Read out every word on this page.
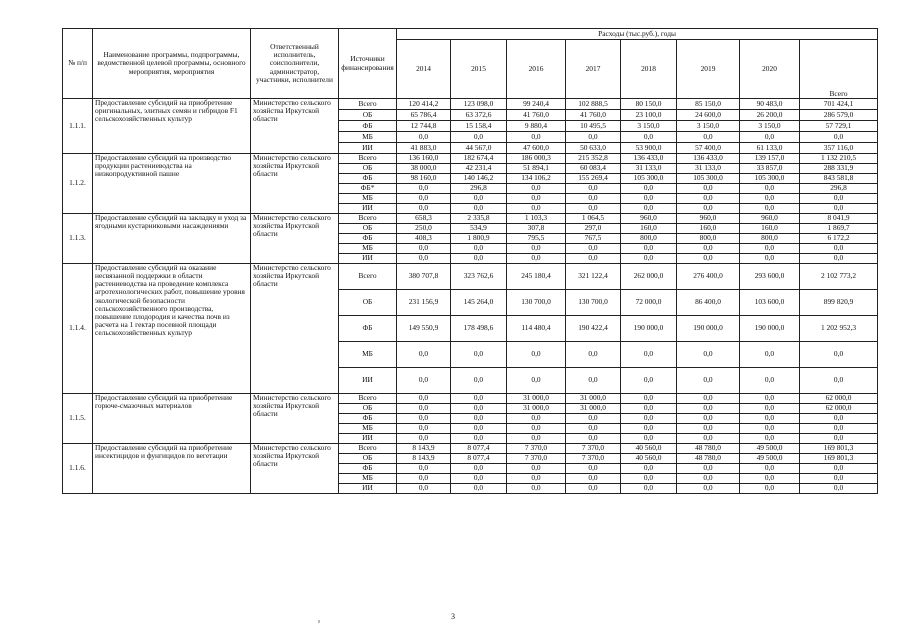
№ п/п	Наименование программы, подпрограммы, ведомственной целевой программы, основного мероприятия, мероприятия	Ответственный исполнитель, соисполнители, администратор, участники, исполнители	Источники финансирования	Расходы (тыс.руб.), годы							
				2014	2015	2016	2017	2018	2019	2020	Всего
1.1.1.	Предоставление субсидий на приобретение оригинальных, элитных семян и гибридов F1 сельскохозяйственных культур	Министерство сельского хозяйства Иркутской области	Всего	120 414,2	123 098,0	99 240,4	102 888,5	80 150,0	85 150,0	90 483,0	701 424,1
			ОБ	65 786,4	63 372,6	41 760,0	41 760,0	23 100,0	24 600,0	26 200,0	286 579,0
			ФБ	12 744,8	15 158,4	9 880,4	10 495,5	3 150,0	3 150,0	3 150,0	57 729,1
			МБ	0,0	0,0	0,0	0,0	0,0	0,0	0,0	0,0
			ИИ	41 883,0	44 567,0	47 600,0	50 633,0	53 900,0	57 400,0	61 133,0	357 116,0
1.1.2.	Предоставление субсидий на производство продукции растениеводства на низкопродуктивной пашне	Министерство сельского хозяйства Иркутской области	Всего	136 160,0	182 674,4	186 000,3	215 352,8	136 433,0	136 433,0	139 157,0	1 132 210,5
			ОБ	38 000,0	42 231,4	51 894,1	60 083,4	31 133,0	31 133,0	33 857,0	288 331,9
			ФБ	98 160,0	140 146,2	134 106,2	155 269,4	105 300,0	105 300,0	105 300,0	843 581,8
			ФБ*	0,0	296,8	0,0	0,0	0,0	0,0	0,0	296,8
			МБ	0,0	0,0	0,0	0,0	0,0	0,0	0,0	0,0
			ИИ	0,0	0,0	0,0	0,0	0,0	0,0	0,0	0,0
1.1.3.	Предоставление субсидий на закладку и уход за ягодными кустарниковыми насаждениями	Министерство сельского хозяйства Иркутской области	Всего	658,3	2 335,8	1 103,3	1 064,5	960,0	960,0	960,0	8 041,9
			ОБ	250,0	534,9	307,8	297,0	160,0	160,0	160,0	1 869,7
			ФБ	408,3	1 800,9	795,5	767,5	800,0	800,0	800,0	6 172,2
			МБ	0,0	0,0	0,0	0,0	0,0	0,0	0,0	0,0
			ИИ	0,0	0,0	0,0	0,0	0,0	0,0	0,0	0,0
1.1.4.	Предоставление субсидий на оказание несвязанной поддержки в области растениеводства на проведение комплекса агротехнологических работ, повышение уровня экологической безопасности сельскохозяйственного производства, повышение плодородия и качества почв из расчета на 1 гектар посевной площади сельскохозяйственных культур	Министерство сельского хозяйства Иркутской области	Всего	380 707,8	323 762,6	245 180,4	321 122,4	262 000,0	276 400,0	293 600,0	2 102 773,2
			ОБ	231 156,9	145 264,0	130 700,0	130 700,0	72 000,0	86 400,0	103 600,0	899 820,9
			ФБ	149 550,9	178 498,6	114 480,4	190 422,4	190 000,0	190 000,0	190 000,0	1 202 952,3
			МБ	0,0	0,0	0,0	0,0	0,0	0,0	0,0	0,0
			ИИ	0,0	0,0	0,0	0,0	0,0	0,0	0,0	0,0
1.1.5.	Предоставление субсидий на приобретение горюче-смазочных материалов	Министерство сельского хозяйства Иркутской области	Всего	0,0	0,0	31 000,0	31 000,0	0,0	0,0	0,0	62 000,0
			ОБ	0,0	0,0	31 000,0	31 000,0	0,0	0,0	0,0	62 000,0
			ФБ	0,0	0,0	0,0	0,0	0,0	0,0	0,0	0,0
			МБ	0,0	0,0	0,0	0,0	0,0	0,0	0,0	0,0
			ИИ	0,0	0,0	0,0	0,0	0,0	0,0	0,0	0,0
1.1.6.	Предоставление субсидий на приобретение инсектицидов и фунгицидов по вегетации	Министерство сельского хозяйства Иркутской области	Всего	8 143,9	8 077,4	7 370,0	7 370,0	40 560,0	48 780,0	49 500,0	169 801,3
			ОБ	8 143,9	8 077,4	7 370,0	7 370,0	40 560,0	48 780,0	49 500,0	169 801,3
			ФБ	0,0	0,0	0,0	0,0	0,0	0,0	0,0	0,0
			МБ	0,0	0,0	0,0	0,0	0,0	0,0	0,0	0,0
			ИИ	0,0	0,0	0,0	0,0	0,0	0,0	0,0	0,0
3
